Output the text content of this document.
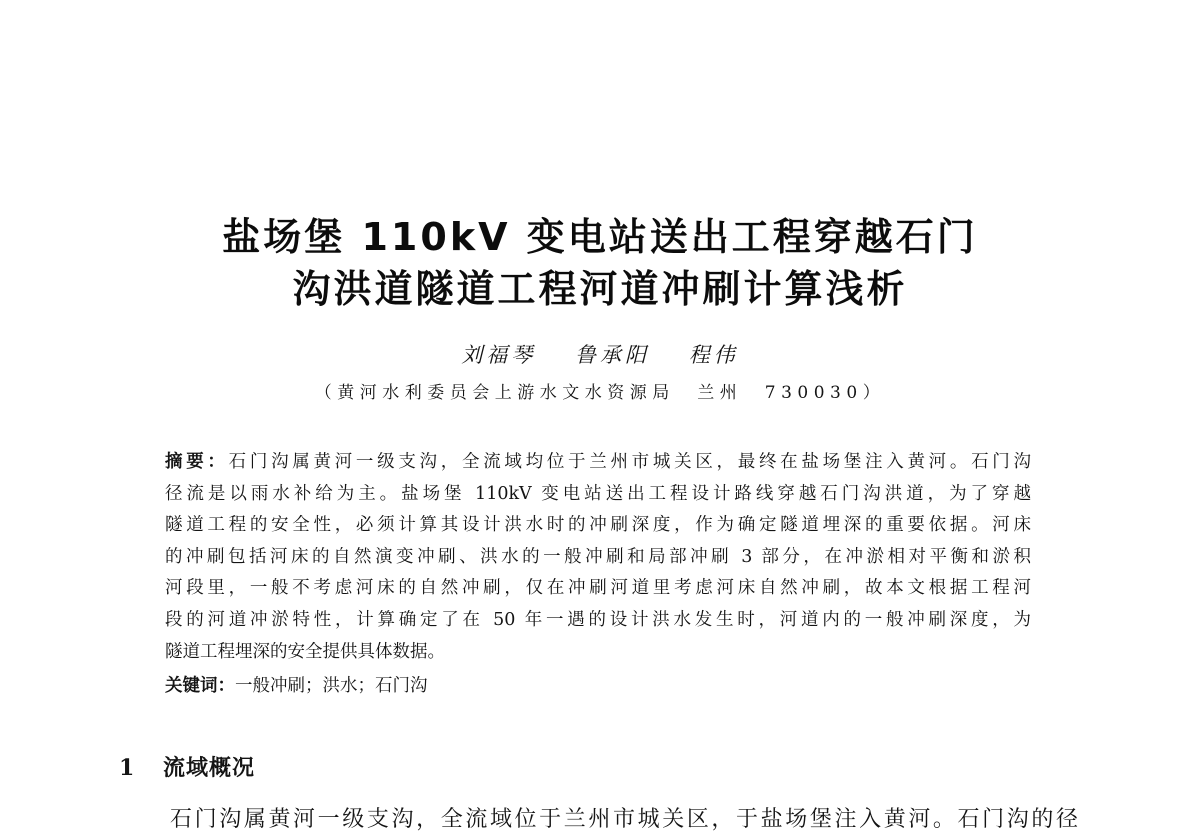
盐场堡 110kV 变电站送出工程穿越石门
沟洪道隧道工程河道冲刷计算浅析
刘福琴 鲁承阳 程伟
（黄河水利委员会上游水文水资源局　兰州　730030）
摘要：石门沟属黄河一级支沟，全流域均位于兰州市城关区，最终在盐场堡注入黄河。石门沟
径流是以雨水补给为主。盐场堡 110kV 变电站送出工程设计路线穿越石门沟洪道，为了穿越
隧道工程的安全性，必须计算其设计洪水时的冲刷深度，作为确定隧道埋深的重要依据。河床
的冲刷包括河床的自然演变冲刷、洪水的一般冲刷和局部冲刷 3 部分，在冲淤相对平衡和淤积
河段里，一般不考虑河床的自然冲刷，仅在冲刷河道里考虑河床自然冲刷，故本文根据工程河
段的河道冲淤特性，计算确定了在 50 年一遇的设计洪水发生时，河道内的一般冲刷深度，为
隧道工程埋深的安全提供具体数据。
关键词：一般冲刷；洪水；石门沟
1 流域概况
石门沟属黄河一级支沟，全流域位于兰州市城关区，于盐场堡注入黄河。石门沟的径
